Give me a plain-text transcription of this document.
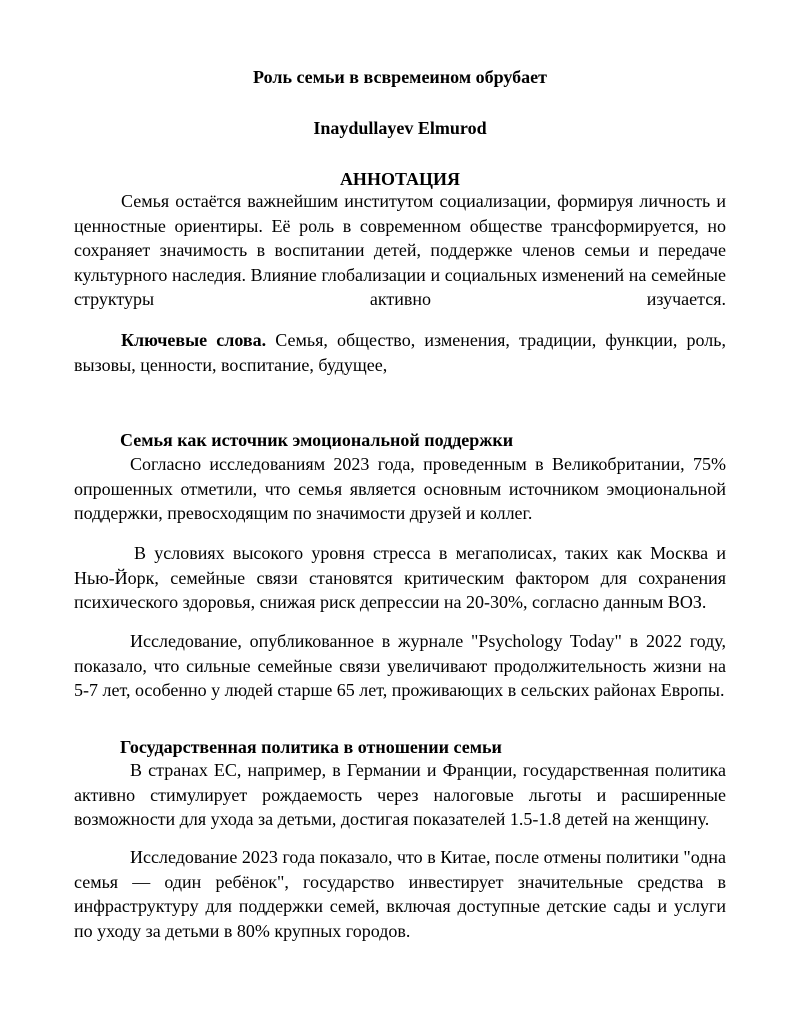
Роль семьи в всвремеином обрубает
Inaydullayev Elmurod
АННОТАЦИЯ
Семья остаётся важнейшим институтом социализации, формируя личность и ценностные ориентиры. Её роль в современном обществе трансформируется, но сохраняет значимость в воспитании детей, поддержке членов семьи и передаче культурного наследия. Влияние глобализации и социальных изменений на семейные структуры активно изучается.
Ключевые слова. Семья, общество, изменения, традиции, функции, роль, вызовы, ценности, воспитание, будущее,
Семья как источник эмоциональной поддержки
Согласно исследованиям 2023 года, проведенным в Великобритании, 75% опрошенных отметили, что семья является основным источником эмоциональной поддержки, превосходящим по значимости друзей и коллег.
В условиях высокого уровня стресса в мегаполисах, таких как Москва и Нью-Йорк, семейные связи становятся критическим фактором для сохранения психического здоровья, снижая риск депрессии на 20-30%, согласно данным ВОЗ.
Исследование, опубликованное в журнале "Psychology Today" в 2022 году, показало, что сильные семейные связи увеличивают продолжительность жизни на 5-7 лет, особенно у людей старше 65 лет, проживающих в сельских районах Европы.
Государственная политика в отношении семьи
В странах ЕС, например, в Германии и Франции, государственная политика активно стимулирует рождаемость через налоговые льготы и расширенные возможности для ухода за детьми, достигая показателей 1.5-1.8 детей на женщину.
Исследование 2023 года показало, что в Китае, после отмены политики "одна семья — один ребёнок", государство инвестирует значительные средства в инфраструктуру для поддержки семей, включая доступные детские сады и услуги по уходу за детьми в 80% крупных городов.
